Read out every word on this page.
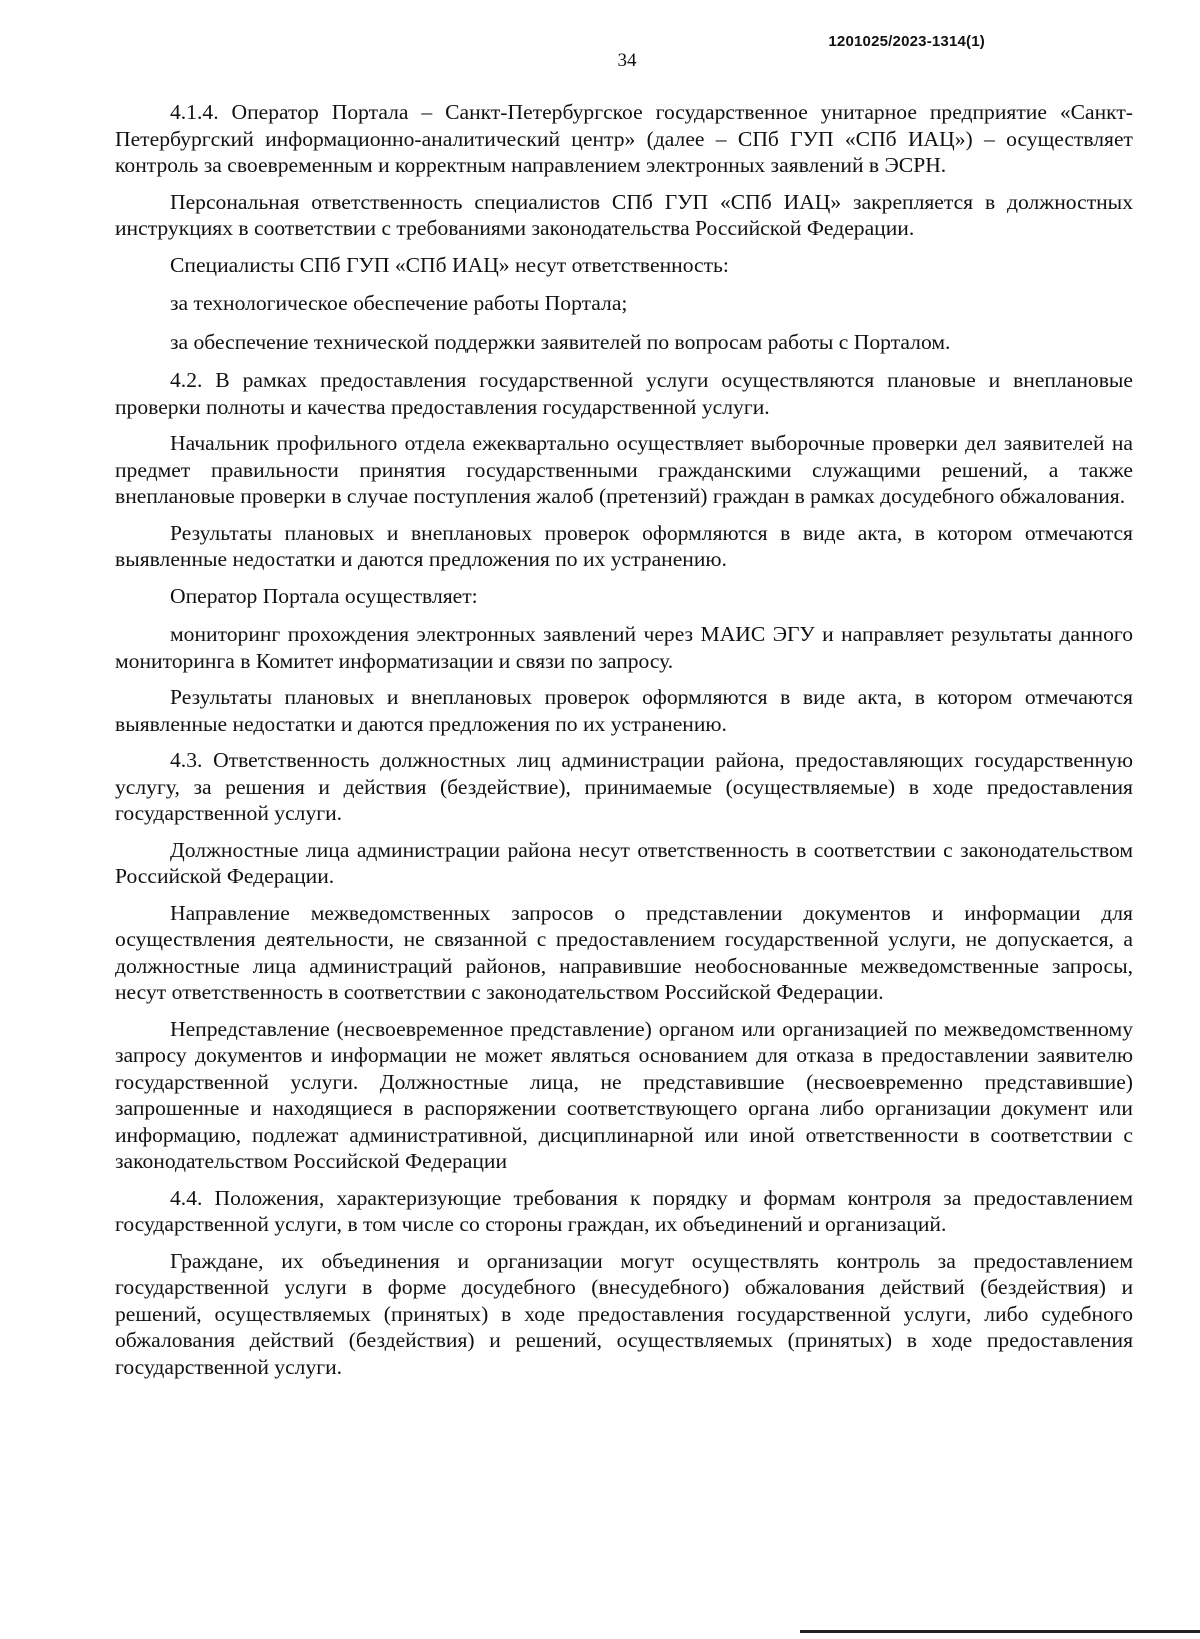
1201025/2023-1314(1)
34

4.1.4. Оператор Портала – Санкт-Петербургское государственное унитарное предприятие «Санкт-Петербургский информационно-аналитический центр» (далее – СПб ГУП «СПб ИАЦ») – осуществляет контроль за своевременным и корректным направлением электронных заявлений в ЭСРН.

Персональная ответственность специалистов СПб ГУП «СПб ИАЦ» закрепляется в должностных инструкциях в соответствии с требованиями законодательства Российской Федерации.

Специалисты СПб ГУП «СПб ИАЦ» несут ответственность:

за технологическое обеспечение работы Портала;

за обеспечение технической поддержки заявителей по вопросам работы с Порталом.

4.2. В рамках предоставления государственной услуги осуществляются плановые и внеплановые проверки полноты и качества предоставления государственной услуги.

Начальник профильного отдела ежеквартально осуществляет выборочные проверки дел заявителей на предмет правильности принятия государственными гражданскими служащими решений, а также внеплановые проверки в случае поступления жалоб (претензий) граждан в рамках досудебного обжалования.

Результаты плановых и внеплановых проверок оформляются в виде акта, в котором отмечаются выявленные недостатки и даются предложения по их устранению.

Оператор Портала осуществляет:

мониторинг прохождения электронных заявлений через МАИС ЭГУ и направляет результаты данного мониторинга в Комитет информатизации и связи по запросу.

Результаты плановых и внеплановых проверок оформляются в виде акта, в котором отмечаются выявленные недостатки и даются предложения по их устранению.

4.3. Ответственность должностных лиц администрации района, предоставляющих государственную услугу, за решения и действия (бездействие), принимаемые (осуществляемые) в ходе предоставления государственной услуги.

Должностные лица администрации района несут ответственность в соответствии с законодательством Российской Федерации.

Направление межведомственных запросов о представлении документов и информации для осуществления деятельности, не связанной с предоставлением государственной услуги, не допускается, а должностные лица администраций районов, направившие необоснованные межведомственные запросы, несут ответственность в соответствии с законодательством Российской Федерации.

Непредставление (несвоевременное представление) органом или организацией по межведомственному запросу документов и информации не может являться основанием для отказа в предоставлении заявителю государственной услуги. Должностные лица, не представившие (несвоевременно представившие) запрошенные и находящиеся в распоряжении соответствующего органа либо организации документ или информацию, подлежат административной, дисциплинарной или иной ответственности в соответствии с законодательством Российской Федерации

4.4. Положения, характеризующие требования к порядку и формам контроля за предоставлением государственной услуги, в том числе со стороны граждан, их объединений и организаций.

Граждане, их объединения и организации могут осуществлять контроль за предоставлением государственной услуги в форме досудебного (внесудебного) обжалования действий (бездействия) и решений, осуществляемых (принятых) в ходе предоставления государственной услуги, либо судебного обжалования действий (бездействия) и решений, осуществляемых (принятых) в ходе предоставления государственной услуги.
